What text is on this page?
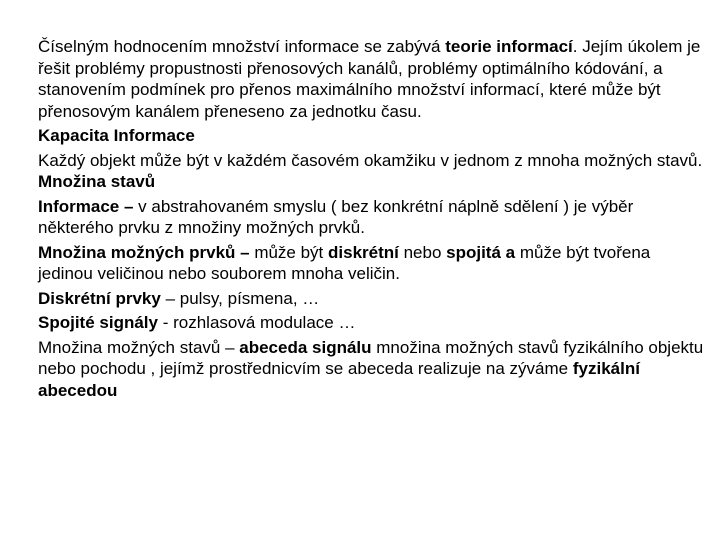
Číselným hodnocením množství informace se zabývá teorie informací. Jejím úkolem je řešit problémy propustnosti přenosových kanálů, problémy optimálního kódování, a stanovením podmínek pro přenos maximálního množství informací, které může být přenosovým kanálem přeneseno za jednotku času.

Kapacita Informace

Každý objekt může být v každém časovém okamžiku v jednom z mnoha možných stavů. Množina stavů

Informace – v abstrahovaném smyslu ( bez konkrétní náplně sdělení ) je výběr některého prvku z množiny možných prvků.

Množina možných prvků – může být diskrétní nebo spojitá a může být tvořena jedinou veličinou nebo souborem mnoha veličin.

Diskrétní prvky – pulsy, písmena, …

Spojité signály - rozhlasová modulace …

Množina možných stavů – abeceda signálu množina možných stavů fyzikálního objektu nebo pochodu , jejímž prostřednicvím se abeceda realizuje na zýváme fyzikální abecedou
